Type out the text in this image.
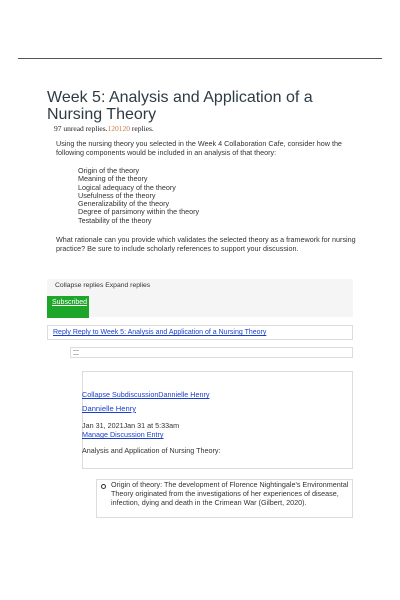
Week 5: Analysis and Application of a Nursing Theory
97 unread replies.120120 replies.
Using the nursing theory you selected in the Week 4 Collaboration Cafe, consider how the following components would be included in an analysis of that theory:
Origin of the theory
Meaning of the theory
Logical adequacy of the theory
Usefulness of the theory
Generalizability of the theory
Degree of parsimony within the theory
Testability of the theory
What rationale can you provide which validates the selected theory as a framework for nursing practice? Be sure to include scholarly references to support your discussion.
Collapse replies Expand replies
Subscribed
Reply Reply to Week 5: Analysis and Application of a Nursing Theory
Collapse SubdiscussionDannielle Henry
Dannielle Henry
Jan 31, 2021Jan 31 at 5:33am
Manage Discussion Entry
Analysis and Application of Nursing Theory:
Origin of theory: The development of Florence Nightingale's Environmental Theory originated from the investigations of her experiences of disease, infection, dying and death in the Crimean War (Gilbert, 2020).
